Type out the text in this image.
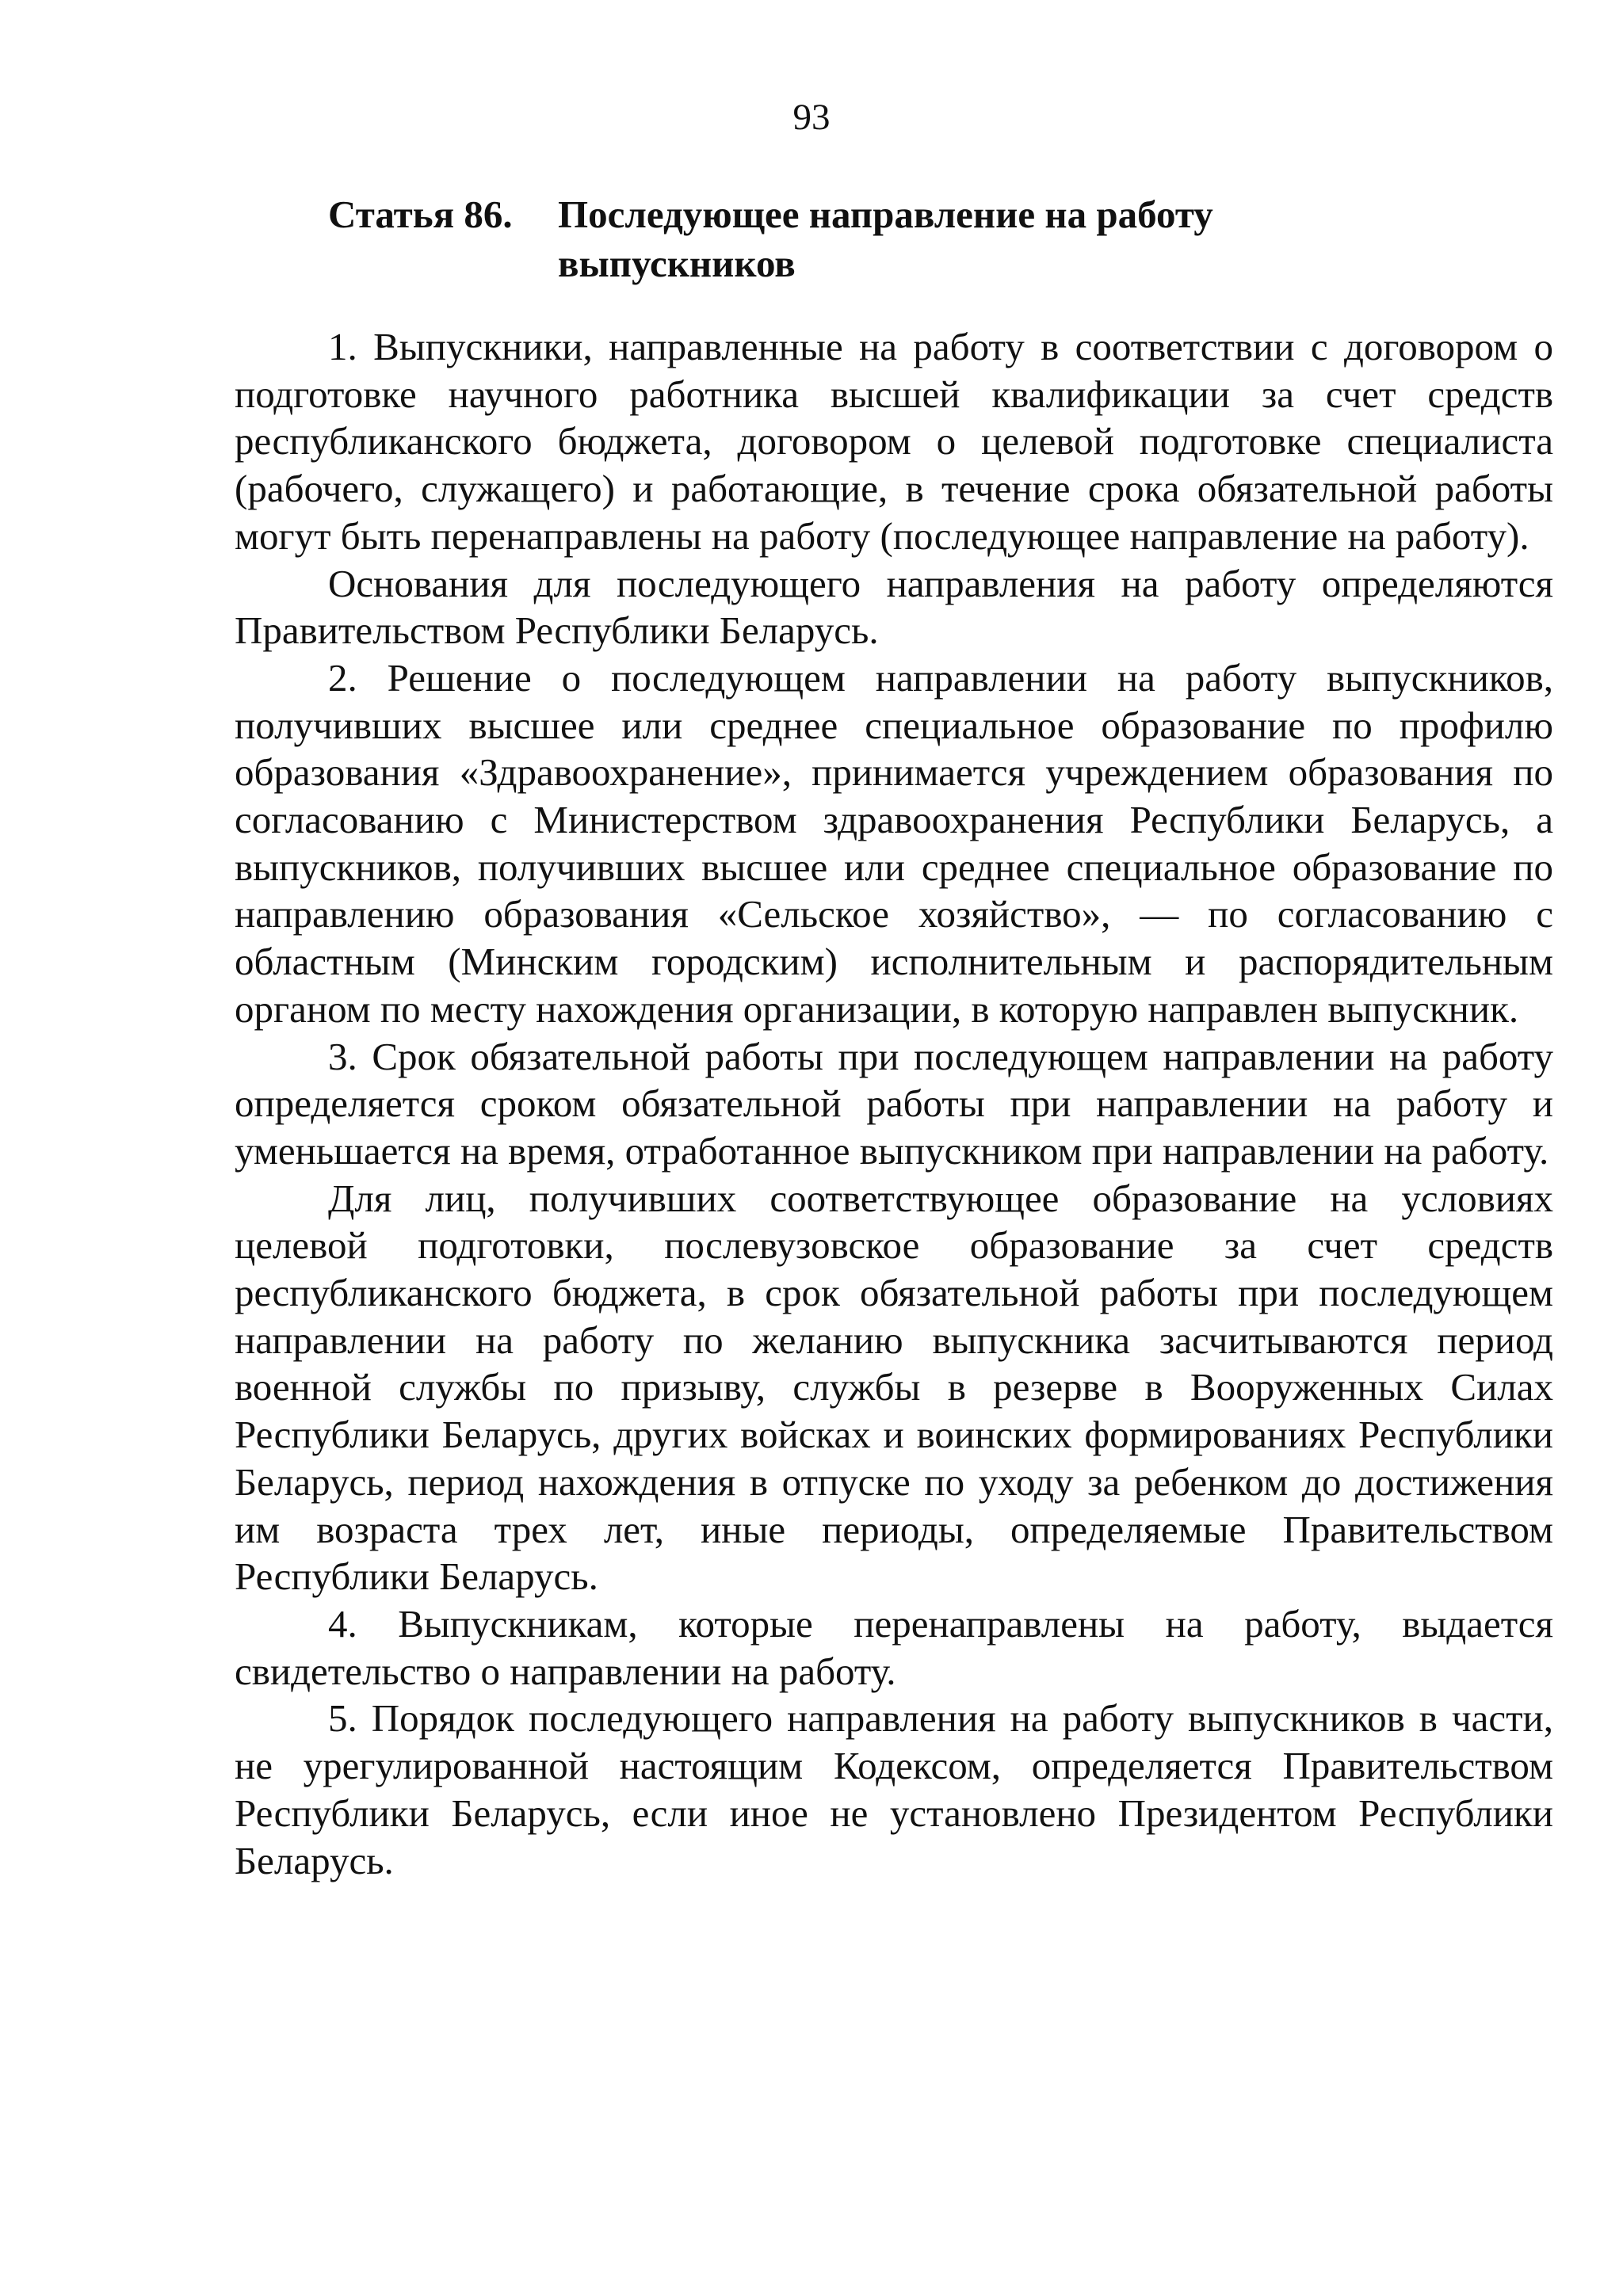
93
Статья 86.	Последующее направление на работу
выпускников

1. Выпускники, направленные на работу в соответствии с договором о подготовке научного работника высшей квалификации за счет средств республиканского бюджета, договором о целевой подготовке специалиста (рабочего, служащего) и работающие, в течение срока обязательной работы могут быть перенаправлены на работу (последующее направление на работу).

Основания для последующего направления на работу определяются Правительством Республики Беларусь.

2. Решение о последующем направлении на работу выпускников, получивших высшее или среднее специальное образование по профилю образования «Здравоохранение», принимается учреждением образования по согласованию с Министерством здравоохранения Республики Беларусь, а выпускников, получивших высшее или среднее специальное образование по направлению образования «Сельское хозяйство», — по согласованию с областным (Минским городским) исполнительным и распорядительным органом по месту нахождения организации, в которую направлен выпускник.

3. Срок обязательной работы при последующем направлении на работу определяется сроком обязательной работы при направлении на работу и уменьшается на время, отработанное выпускником при направлении на работу.

Для лиц, получивших соответствующее образование на условиях целевой подготовки, послевузовское образование за счет средств республиканского бюджета, в срок обязательной работы при последующем направлении на работу по желанию выпускника засчитываются период военной службы по призыву, службы в резерве в Вооруженных Силах Республики Беларусь, других войсках и воинских формированиях Республики Беларусь, период нахождения в отпуске по уходу за ребенком до достижения им возраста трех лет, иные периоды, определяемые Правительством Республики Беларусь.

4. Выпускникам, которые перенаправлены на работу, выдается свидетельство о направлении на работу.

5. Порядок последующего направления на работу выпускников в части, не урегулированной настоящим Кодексом, определяется Правительством Республики Беларусь, если иное не установлено Президентом Республики Беларусь.
